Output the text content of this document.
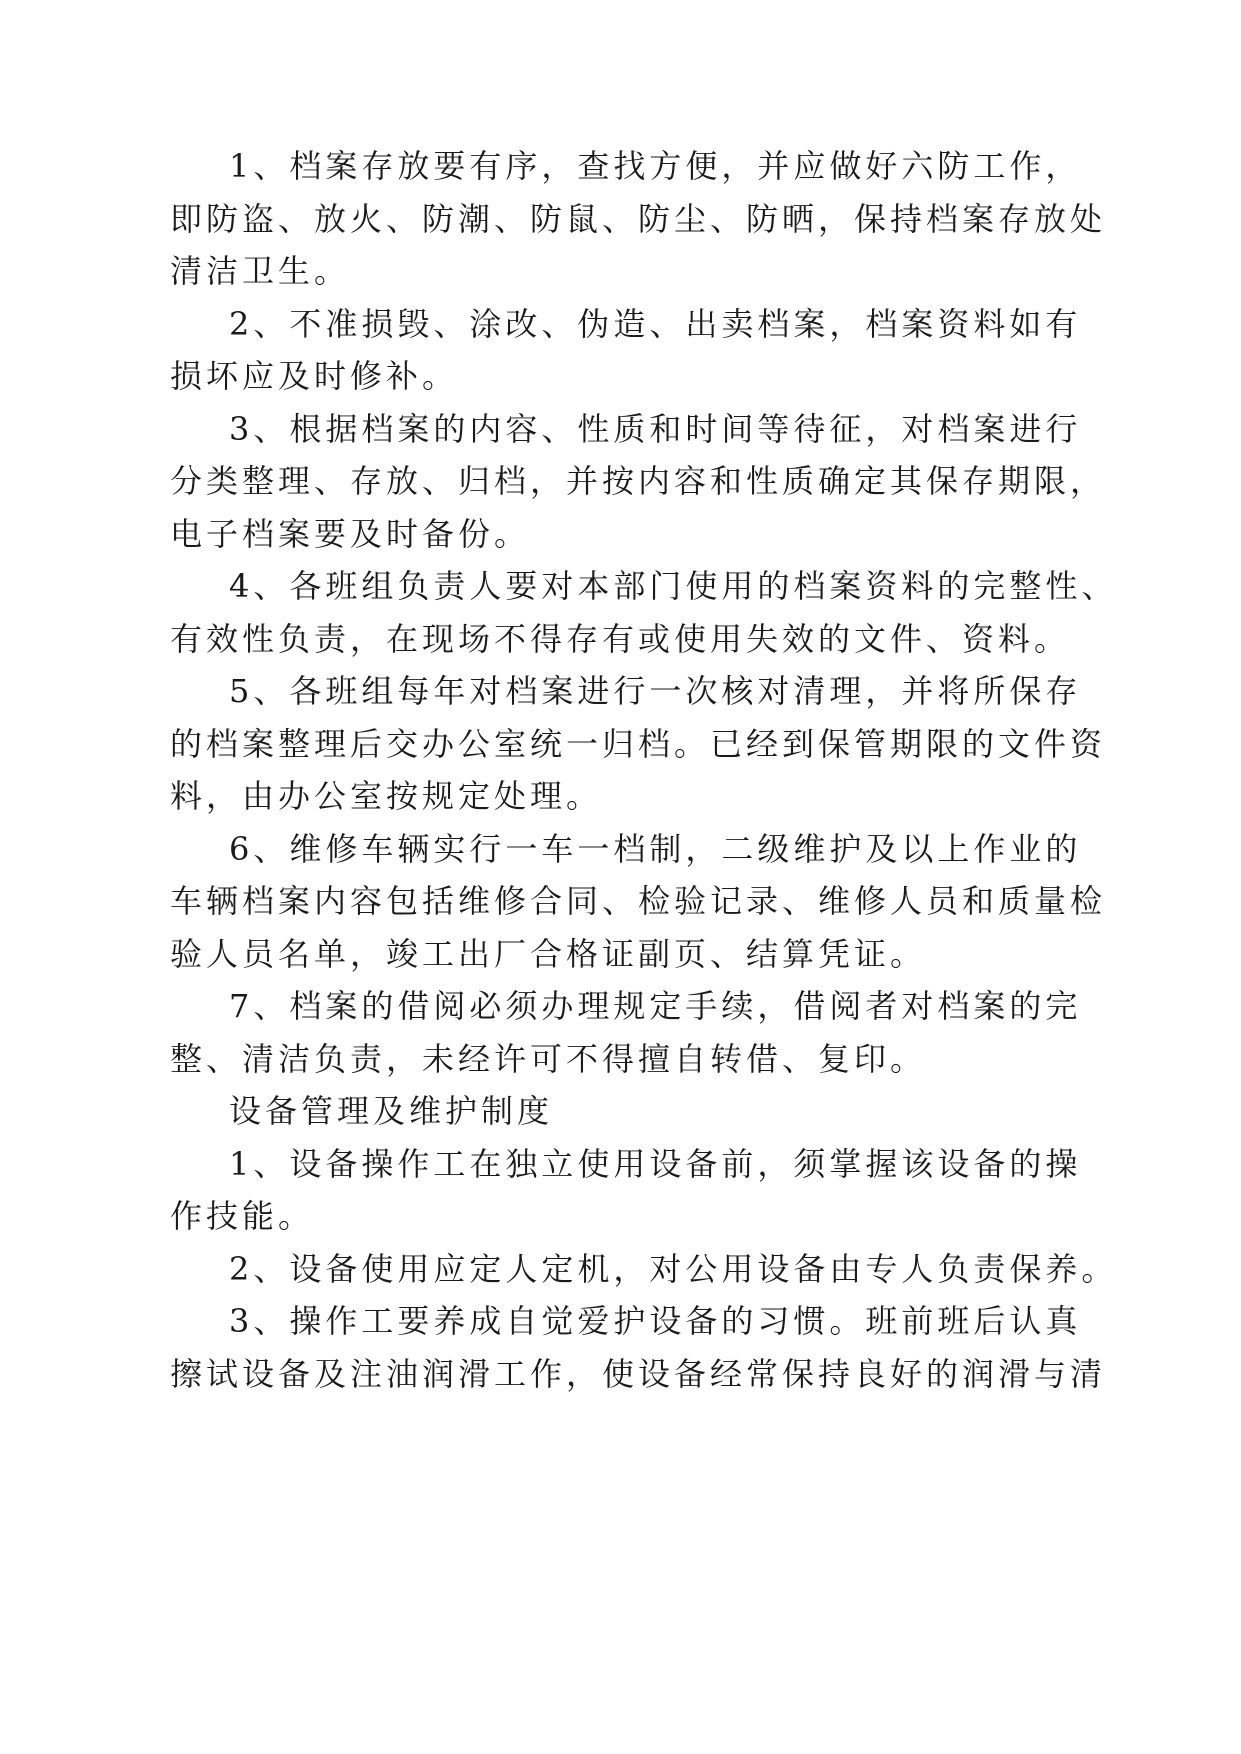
1、档案存放要有序，查找方便，并应做好六防工作，
即防盗、放火、防潮、防鼠、防尘、防晒，保持档案存放处
清洁卫生。
2、不准损毁、涂改、伪造、出卖档案，档案资料如有
损坏应及时修补。
3、根据档案的内容、性质和时间等待征，对档案进行
分类整理、存放、归档，并按内容和性质确定其保存期限，
电子档案要及时备份。
4、各班组负责人要对本部门使用的档案资料的完整性、
有效性负责，在现场不得存有或使用失效的文件、资料。
5、各班组每年对档案进行一次核对清理，并将所保存
的档案整理后交办公室统一归档。已经到保管期限的文件资
料，由办公室按规定处理。
6、维修车辆实行一车一档制，二级维护及以上作业的
车辆档案内容包括维修合同、检验记录、维修人员和质量检
验人员名单，竣工出厂合格证副页、结算凭证。
7、档案的借阅必须办理规定手续，借阅者对档案的完
整、清洁负责，未经许可不得擅自转借、复印。
设备管理及维护制度
1、设备操作工在独立使用设备前，须掌握该设备的操
作技能。
2、设备使用应定人定机，对公用设备由专人负责保养。
3、操作工要养成自觉爱护设备的习惯。班前班后认真
擦试设备及注油润滑工作，使设备经常保持良好的润滑与清
